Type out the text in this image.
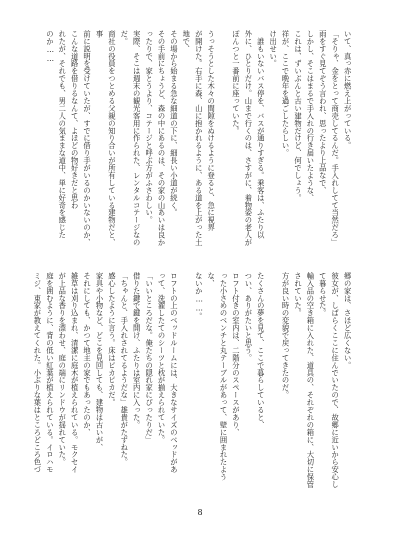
いて、真っ赤に燃え上がっている。
「そりゃ、金をとって商売してるんだ。手入れしてて当然だろ」
雨をすぐ見てぞう言われ、思ったより上品なで、
しかし、そこはまるで手入れの行き届いたような、
これは、ずいぶんと古い建物だけど、何でしょう。
祥が、ここで晩年を過ごしたらしい。
け出せい。
　誰もいないバス停を、バスが通りすぎる。乗客は、ふたり以
外に、ひとりだけ。山まで行くのは、さすがに、着物姿の老人が
ぽんつと一番前に座っていた。

うっそうとした木々の間隙をぬけるように登ると、急に視界
が開けた。右手に森、山に抱かれるように、ある道を上がった土地で、
その場から始まる急な細道の下に、細長い小道が続く。
その手前にちょうど、森の中にあるのは、その家の山あいは良か
ったりで、家とうより、コテージと呼ぶ方がふさわしい。
実際、そこは週末の観光客用に作られた、レンタルコテージなのだ。
商社の役員をつとめる父親の知り合いが所有している建物だと、事
前に説明を受けていたが、すでに借り手がいるのかいないのか、
こんな道路を借りるなんて、よほどの物好きだと思わ
れたが、それでも、男二人の気ままな道中、単に好奇を感じた
のか……

郷の家は、さほど広くない。
彼女が、しばらくここに住んでいたので、故郷に近いから安心して暮らせた。
輸入品の空き箱に入れた、道具の、それぞれの箱に、大切に保管されていた。
方が良い時の変貌で戻ってきたのだ。

たくさんの夢を見て、ここで暮らしていると、
つい、ありがたいと思う。
ロフト付きの室内は、二階分のスペースがあり、
った小さめのベンチと丸テーブルがあって、壁に囲まれたような、
ないか……。

ロフトの上のベッドルームには、大きなサイズのベッドがあ
って、洗濯したてのシーツと枕が揃えられていた。
「いいところだな。俺たちの隠れ家にぴったりだ」
借りた鍵で鍵を開け、ふたりは室内に入った。
「ちゃんと、手入れされてるようだな」雄貴がたずねた。
感心したように言う。床はピカピカだ。
家具や小物など、どこを見回しても、建物は古いが、
それにしても、かつて地主の家でもあったのか、
雑草は刈り込まれ、清潔に庭木が植えられている。モクセイ
が上品な香りを漂わせ、庭の端にリンドウが揺れていた。
庭を囲むように、背の低い紅葉が植えられている。イロハモ
ミジ、東家が教えてくれた。小ぶりな葉はところどころ色づ

8
